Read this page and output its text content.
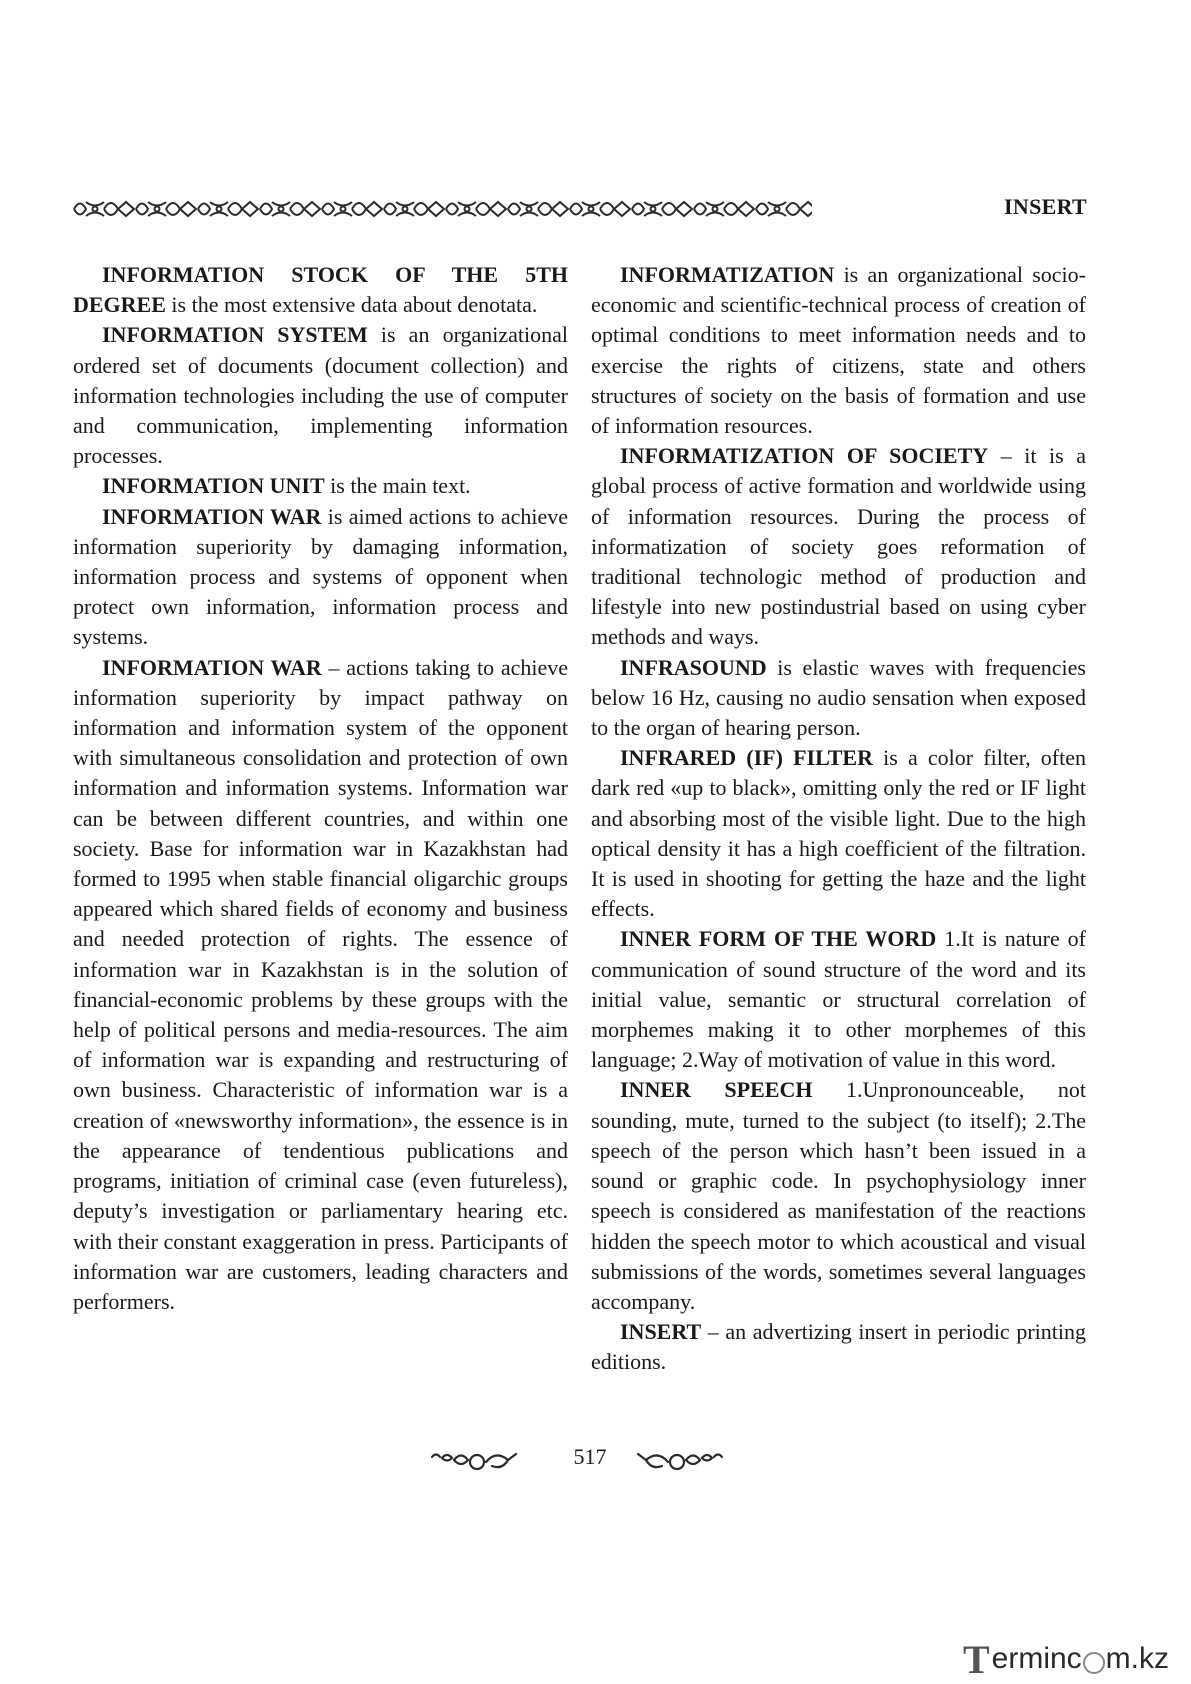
INSERT

INFORMATION STOCK OF THE 5TH DEGREE is the most extensive data about denotata.

INFORMATION SYSTEM is an organizational ordered set of documents (document collection) and information technologies including the use of computer and communication, implementing information processes.

INFORMATION UNIT is the main text.

INFORMATION WAR is aimed actions to achieve information superiority by damaging information, information process and systems of opponent when protect own information, information process and systems.

INFORMATION WAR – actions taking to achieve information superiority by impact pathway on information and information system of the opponent with simultaneous consolidation and protection of own information and information systems. Information war can be between different countries, and within one society. Base for information war in Kazakhstan had formed to 1995 when stable financial oligarchic groups appeared which shared fields of economy and business and needed protection of rights. The essence of information war in Kazakhstan is in the solution of financial-economic problems by these groups with the help of political persons and media-resources. The aim of information war is expanding and restructuring of own business. Characteristic of information war is a creation of «newsworthy information», the essence is in the appearance of tendentious publications and programs, initiation of criminal case (even futureless), deputy’s investigation or parliamentary hearing etc. with their constant exaggeration in press. Participants of information war are customers, leading characters and performers.

INFORMATIZATION is an organizational socio-economic and scientific-technical process of creation of optimal conditions to meet information needs and to exercise the rights of citizens, state and others structures of society on the basis of formation and use of information resources.

INFORMATIZATION OF SOCIETY – it is a global process of active formation and worldwide using of information resources. During the process of informatization of society goes reformation of traditional technologic method of production and lifestyle into new postindustrial based on using cyber methods and ways.

INFRASOUND is elastic waves with frequencies below 16 Hz, causing no audio sensation when exposed to the organ of hearing person.

INFRARED (IF) FILTER is a color filter, often dark red «up to black», omitting only the red or IF light and absorbing most of the visible light. Due to the high optical density it has a high coefficient of the filtration. It is used in shooting for getting the haze and the light effects.

INNER FORM OF THE WORD 1.It is nature of communication of sound structure of the word and its initial value, semantic or structural correlation of morphemes making it to other morphemes of this language; 2.Way of motivation of value in this word.

INNER SPEECH 1.Unpronounceable, not sounding, mute, turned to the subject (to itself); 2.The speech of the person which hasn’t been issued in a sound or graphic code. In psychophysiology inner speech is considered as manifestation of the reactions hidden the speech motor to which acoustical and visual submissions of the words, sometimes several languages accompany.

INSERT – an advertizing insert in periodic printing editions.

517
T erminc m.kz
